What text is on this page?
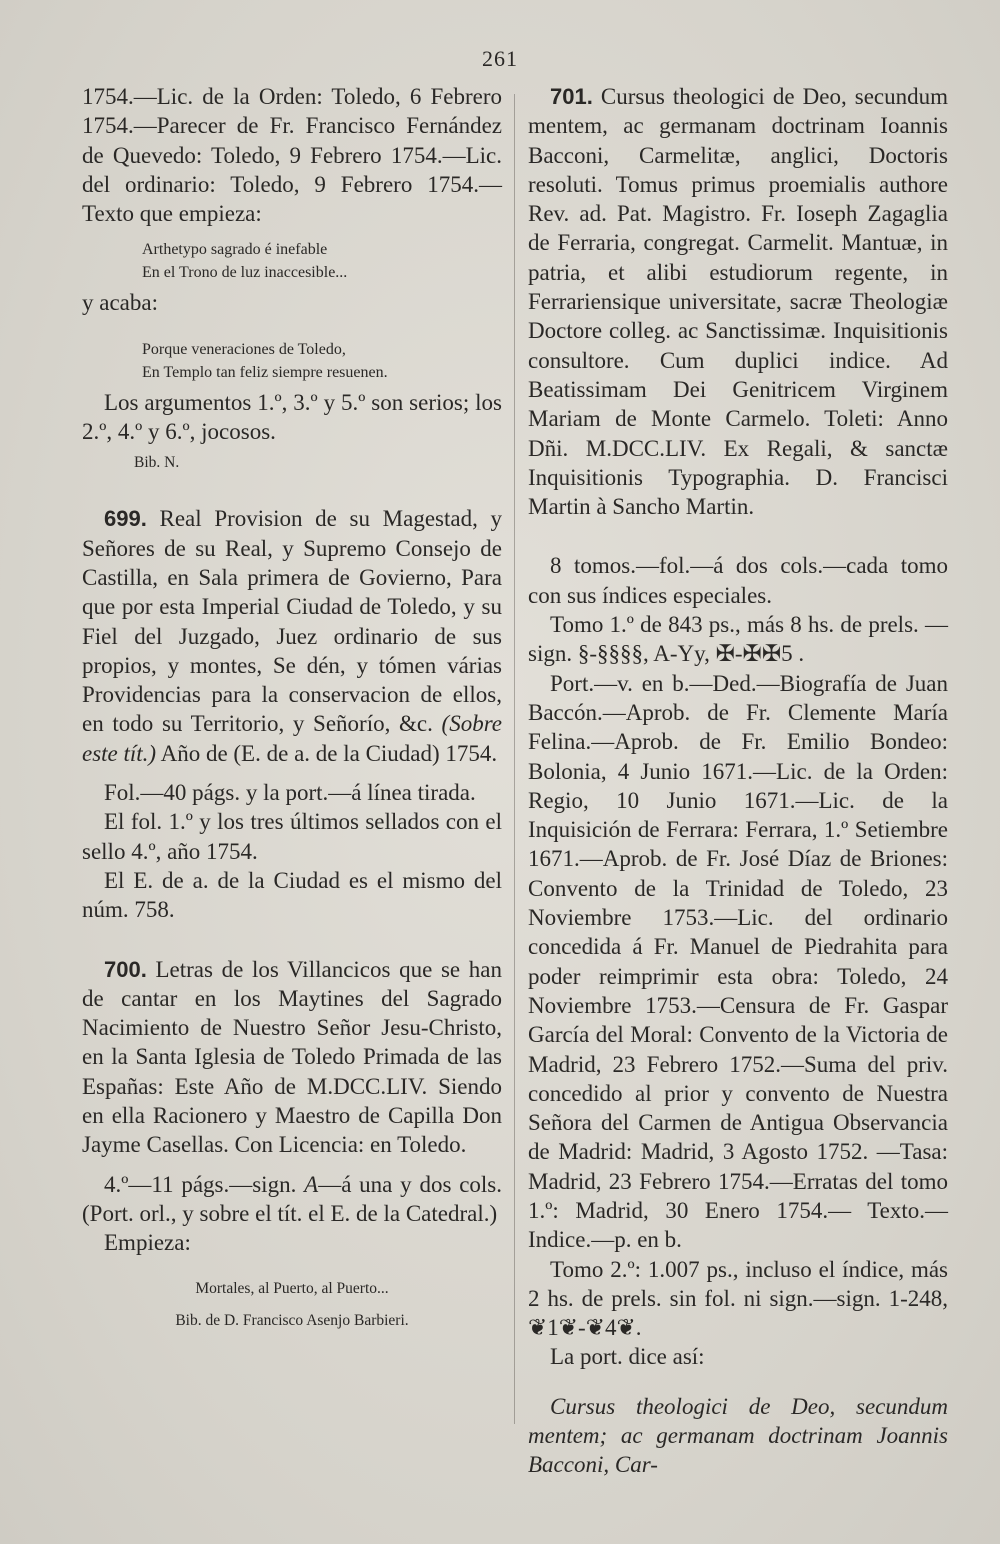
261

1754.—Lic. de la Orden: Toledo, 6 Febrero 1754.—Parecer de Fr. Francisco Fernández de Quevedo: Toledo, 9 Febrero 1754.—Lic. del ordinario: Toledo, 9 Febrero 1754.—Texto que empieza:

Arthetypo sagrado é inefable

En el Trono de luz inaccesible...

y acaba:

Porque veneraciones de Toledo,

En Templo tan feliz siempre resuenen.

Los argumentos 1.º, 3.º y 5.º son serios; los 2.º, 4.º y 6.º, jocosos.

Bib. N.

699. Real Provision de su Magestad, y Señores de su Real, y Supremo Consejo de Castilla, en Sala primera de Govierno, Para que por esta Imperial Ciudad de Toledo, y su Fiel del Juzgado, Juez ordinario de sus propios, y montes, Se dén, y tómen várias Providencias para la conservacion de ellos, en todo su Territorio, y Señorío, &c. (Sobre este tít.) Año de (E. de a. de la Ciudad) 1754.

Fol.—40 págs. y la port.—á línea tirada.

El fol. 1.º y los tres últimos sellados con el sello 4.º, año 1754.

El E. de a. de la Ciudad es el mismo del núm. 758.

700. Letras de los Villancicos que se han de cantar en los Maytines del Sagrado Nacimiento de Nuestro Señor Jesu-Christo, en la Santa Iglesia de Toledo Primada de las Españas: Este Año de M.DCC.LIV. Siendo en ella Racionero y Maestro de Capilla Don Jayme Casellas. Con Licencia: en Toledo.

4.º—11 págs.—sign. A—á una y dos cols. (Port. orl., y sobre el tít. el E. de la Catedral.)

Empieza:

Mortales, al Puerto, al Puerto...

Bib. de D. Francisco Asenjo Barbieri.

701. Cursus theologici de Deo, secundum mentem, ac germanam doctrinam Ioannis Bacconi, Carmelitæ, anglici, Doctoris resoluti. Tomus primus proemialis authore Rev. ad. Pat. Magistro. Fr. Ioseph Zagaglia de Ferraria, congregat. Carmelit. Mantuæ, in patria, et alibi estudiorum regente, in Ferrariensique universitate, sacræ Theologiæ Doctore colleg. ac Sanctissimæ. Inquisitionis consultore. Cum duplici indice. Ad Beatissimam Dei Genitricem Virginem Mariam de Monte Carmelo. Toleti: Anno Dñi. M.DCC.LIV. Ex Regali, & sanctæ Inquisitionis Typographia. D. Francisci Martin à Sancho Martin.

8 tomos.—fol.—á dos cols.—cada tomo con sus índices especiales.

Tomo 1.º de 843 ps., más 8 hs. de prels. —sign. §-§§§§, A-Yy, ✠-✠✠5 .

Port.—v. en b.—Ded.—Biografía de Juan Baccón.—Aprob. de Fr. Clemente María Felina.—Aprob. de Fr. Emilio Bondeo: Bolonia, 4 Junio 1671.—Lic. de la Orden: Regio, 10 Junio 1671.—Lic. de la Inquisición de Ferrara: Ferrara, 1.º Setiembre 1671.—Aprob. de Fr. José Díaz de Briones: Convento de la Trinidad de Toledo, 23 Noviembre 1753.—Lic. del ordinario concedida á Fr. Manuel de Piedrahita para poder reimprimir esta obra: Toledo, 24 Noviembre 1753.—Censura de Fr. Gaspar García del Moral: Convento de la Victoria de Madrid, 23 Febrero 1752.—Suma del priv. concedido al prior y convento de Nuestra Señora del Carmen de Antigua Observancia de Madrid: Madrid, 3 Agosto 1752. —Tasa: Madrid, 23 Febrero 1754.—Erratas del tomo 1.º: Madrid, 30 Enero 1754.— Texto.—Indice.—p. en b.

Tomo 2.º: 1.007 ps., incluso el índice, más 2 hs. de prels. sin fol. ni sign.—sign. 1-248, ❦1❦-❦4❦.

La port. dice así:

Cursus theologici de Deo, secundum mentem; ac germanam doctrinam Joannis Bacconi, Car-
